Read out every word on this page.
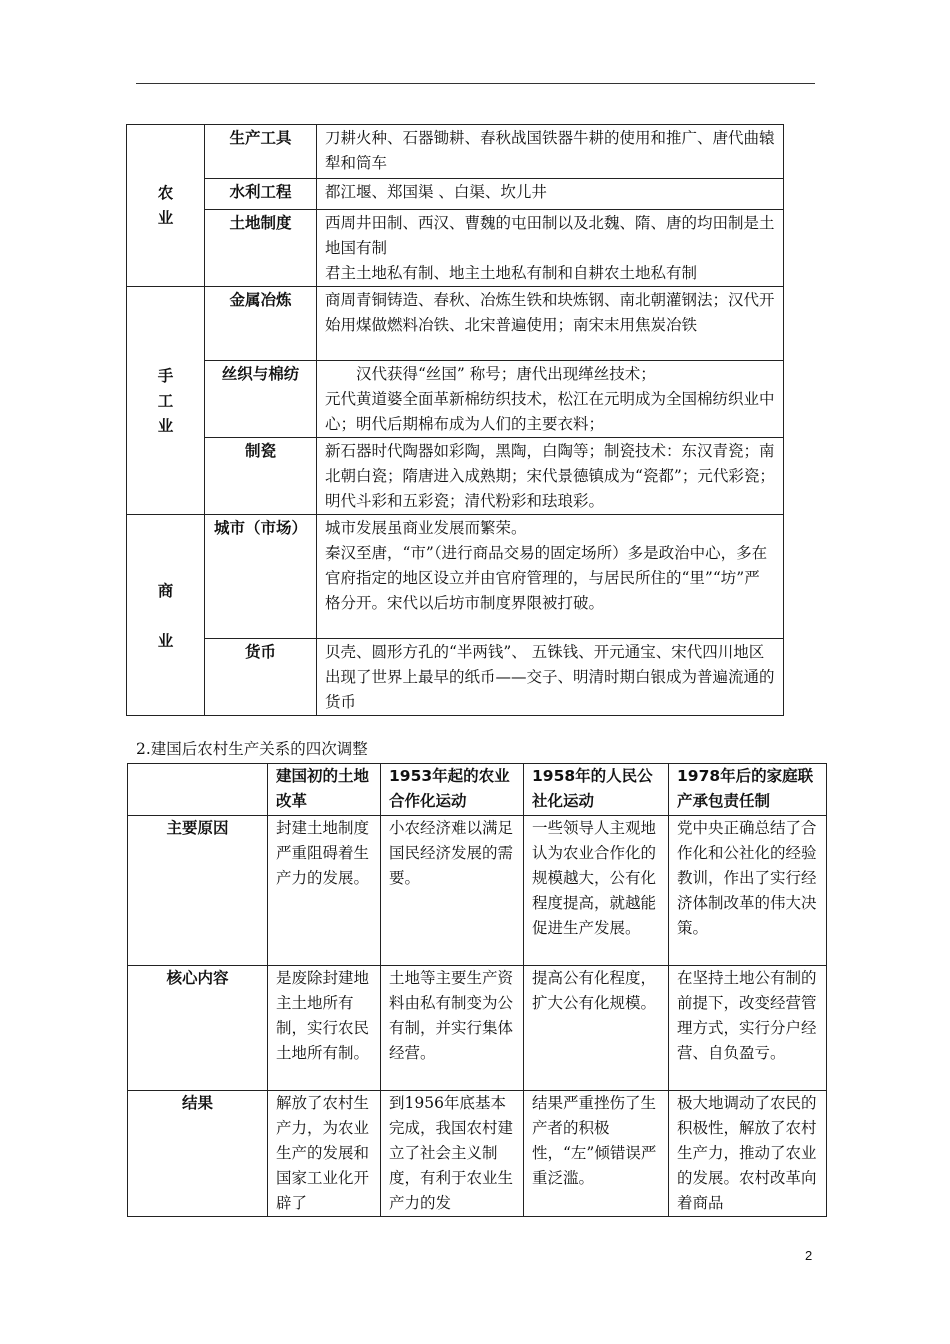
农业	生产工具	刀耕火种、石器锄耕、春秋战国铁器牛耕的使用和推广、唐代曲辕犁和筒车
	水利工程	都江堰、郑国渠 、白渠、坎儿井
	土地制度	西周井田制、西汉、曹魏的屯田制以及北魏、隋、唐的均田制是土地国有制
君主土地私有制、地主土地私有制和自耕农土地私有制

手工业	金属冶炼	商周青铜铸造、春秋、冶炼生铁和块炼钢、南北朝灌钢法；汉代开始用煤做燃料冶铁、北宋普遍使用；南宋末用焦炭冶铁
	丝织与棉纺	汉代获得“丝国” 称号；唐代出现缂丝技术；
元代黄道婆全面革新棉纺织技术，松江在元明成为全国棉纺织业中心；明代后期棉布成为人们的主要衣料；

	制瓷	新石器时代陶器如彩陶，黑陶，白陶等；制瓷技术：东汉青瓷；南北朝白瓷；隋唐进入成熟期；宋代景德镇成为“瓷都”；元代彩瓷；明代斗彩和五彩瓷；清代粉彩和珐琅彩。
商业	城市（市场）	城市发展虽商业发展而繁荣。
秦汉至唐，“市”（进行商品交易的固定场所）多是政治中心，多在官府指定的地区设立并由官府管理的，与居民所住的“里”“坊”严格分开。宋代以后坊市制度界限被打破。

	货币	贝壳、圆形方孔的“半两钱”、 五铢钱、开元通宝、宋代四川地区出现了世界上最早的纸币——交子、明清时期白银成为普遍流通的货币
2.建国后农村生产关系的四次调整
	建国初的土地改革	1953年起的农业合作化运动	1958年的人民公社化运动	1978年后的家庭联产承包责任制
主要原因	封建土地制度严重阻碍着生产力的发展。	小农经济难以满足国民经济发展的需要。	一些领导人主观地认为农业合作化的规模越大，公有化程度提高，就越能促进生产发展。	党中央正确总结了合作化和公社化的经验教训，作出了实行经济体制改革的伟大决策。
核心内容	是废除封建地主土地所有制，实行农民土地所有制。	土地等主要生产资料由私有制变为公有制，并实行集体经营。	提高公有化程度，扩大公有化规模。	在坚持土地公有制的前提下，改变经营管理方式，实行分户经营、自负盈亏。
结果	解放了农村生产力，为农业生产的发展和国家工业化开辟了	到1956年底基本完成，我国农村建立了社会主义制度，有利于农业生产力的发	结果严重挫伤了生产者的积极性，“左”倾错误严重泛滥。	极大地调动了农民的积极性，解放了农村生产力，推动了农业的发展。农村改革向着商品
2
